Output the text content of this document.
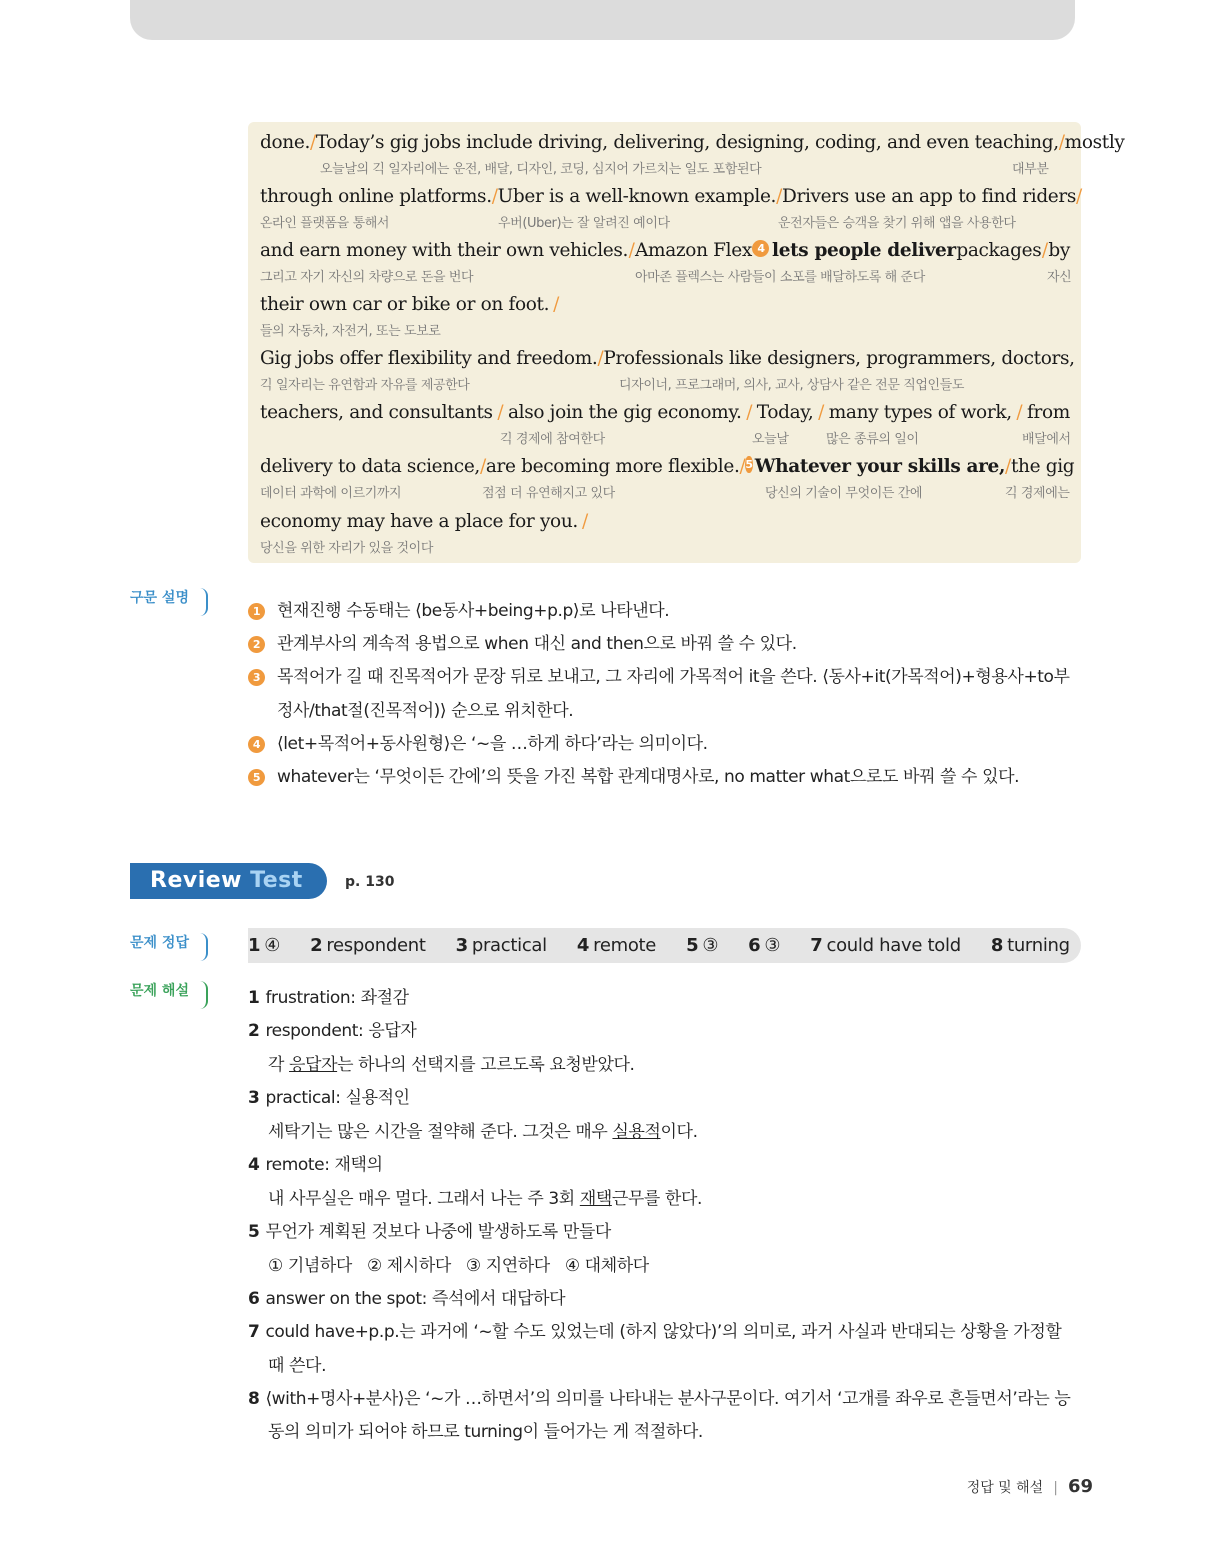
done. / Today’s gig jobs include driving, delivering, designing, coding, and even teaching, / mostly
오늘날의 긱 일자리에는 운전, 배달, 디자인, 코딩, 심지어 가르치는 일도 포함된다	대부분
through online platforms. / Uber is a well-known example. / Drivers use an app to find riders /
온라인 플랫폼을 통해서	우버(Uber)는 잘 알려진 예이다	운전자들은 승객을 찾기 위해 앱을 사용한다
and earn money with their own vehicles. / Amazon Flex 4 lets people deliver packages / by
그리고 자기 자신의 차량으로 돈을 번다	아마존 플렉스는 사람들이 소포를 배달하도록 해 준다	자신
their own car or bike or on foot. /
들의 자동차, 자전거, 또는 도보로
Gig jobs offer flexibility and freedom. / Professionals like designers, programmers, doctors,
긱 일자리는 유연함과 자유를 제공한다	디자이너, 프로그래머, 의사, 교사, 상담사 같은 전문 직업인들도
teachers, and consultants / also join the gig economy. / Today, / many types of work, / from
긱 경제에 참여한다	오늘날	많은 종류의 일이	배달에서
delivery to data science, / are becoming more flexible. / 5 Whatever your skills are, / the gig
데이터 과학에 이르기까지	점점 더 유연해지고 있다	당신의 기술이 무엇이든 간에	긱 경제에는
economy may have a place for you. /
당신을 위한 자리가 있을 것이다
구문 설명
1 현재진행 수동태는 ⟨be동사+being+p.p⟩로 나타낸다.
2 관계부사의 계속적 용법으로 when 대신 and then으로 바꿔 쓸 수 있다.
3 목적어가 길 때 진목적어가 문장 뒤로 보내고, 그 자리에 가목적어 it을 쓴다. ⟨동사+it(가목적어)+형용사+to부
정사/that절(진목적어)⟩ 순으로 위치한다.
4 ⟨let+목적어+동사원형⟩은 ‘~을 …하게 하다’라는 의미이다.
5 whatever는 ‘무엇이든 간에’의 뜻을 가진 복합 관계대명사로, no matter what으로도 바꿔 쓸 수 있다.
Review Test	p. 130
문제 정답	1 ④ 2 respondent 3 practical 4 remote 5 ③ 6 ③ 7 could have told 8 turning
문제 해설	1 frustration: 좌절감
2 respondent: 응답자
각 응답자는 하나의 선택지를 고르도록 요청받았다.
3 practical: 실용적인
세탁기는 많은 시간을 절약해 준다. 그것은 매우 실용적이다.
4 remote: 재택의
내 사무실은 매우 멀다. 그래서 나는 주 3회 재택근무를 한다.
5 무언가 계획된 것보다 나중에 발생하도록 만들다
① 기념하다   ② 제시하다   ③ 지연하다   ④ 대체하다
6 answer on the spot: 즉석에서 대답하다
7 could have+p.p.는 과거에 ‘~할 수도 있었는데 (하지 않았다)’의 의미로, 과거 사실과 반대되는 상황을 가정할
때 쓴다.
8 ⟨with+명사+분사⟩은 ‘~가 …하면서’의 의미를 나타내는 분사구문이다. 여기서 ‘고개를 좌우로 흔들면서’라는 능
동의 의미가 되어야 하므로 turning이 들어가는 게 적절하다.
정답 및 해설 | 69
